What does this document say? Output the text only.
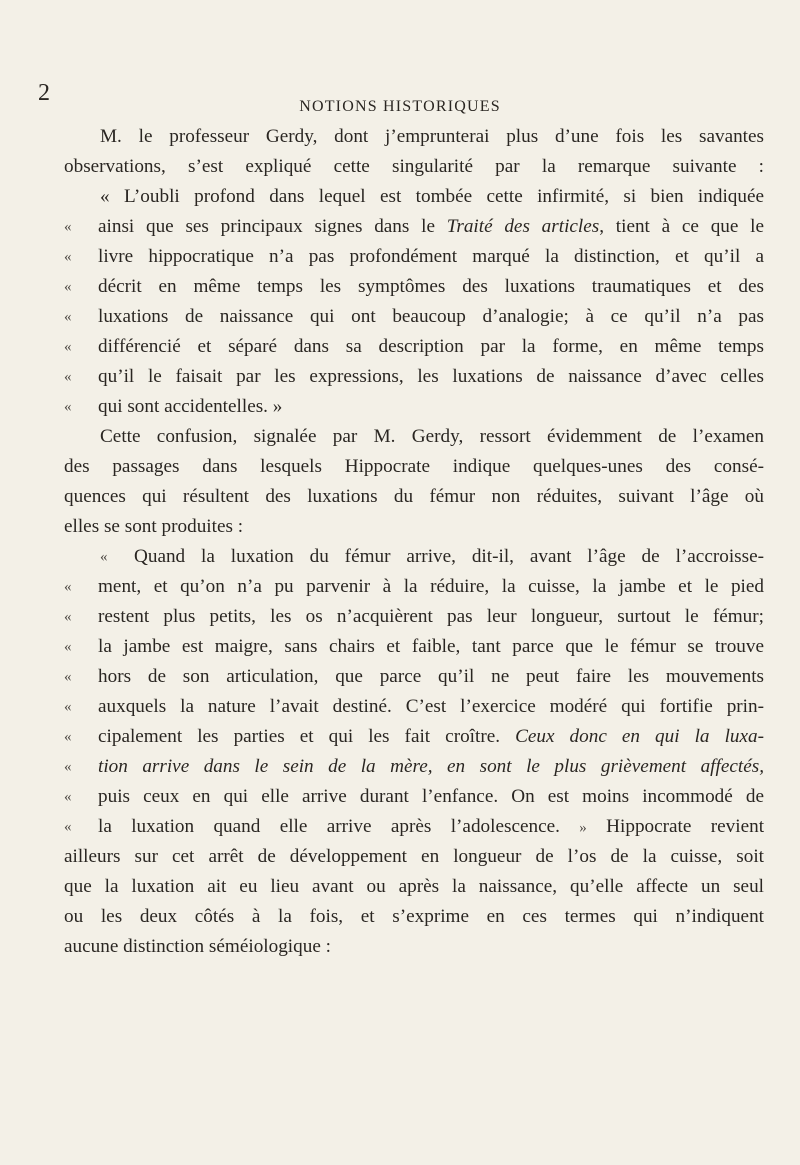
2
NOTIONS HISTORIQUES
M. le professeur Gerdy, dont j’emprunterai plus d’une fois les savantes
observations, s’est expliqué cette singularité par la remarque suivante :
« L’oubli profond dans lequel est tombée cette infirmité, si bien indiquée
«	ainsi que ses principaux signes dans le Traité des articles, tient à ce que le
«	livre hippocratique n’a pas profondément marqué la distinction, et qu’il a
«	décrit en même temps les symptômes des luxations traumatiques et des
«	luxations de naissance qui ont beaucoup d’analogie; à ce qu’il n’a pas
«	différencié et séparé dans sa description par la forme, en même temps
«	qu’il le faisait par les expressions, les luxations de naissance d’avec celles
«	qui sont accidentelles. »
Cette confusion, signalée par M. Gerdy, ressort évidemment de l’examen
des passages dans lesquels Hippocrate indique quelques-unes des consé-
quences qui résultent des luxations du fémur non réduites, suivant l’âge où
elles se sont produites :
«	Quand la luxation du fémur arrive, dit-il, avant l’âge de l’accroisse-
«	ment, et qu’on n’a pu parvenir à la réduire, la cuisse, la jambe et le pied
«	restent plus petits, les os n’acquièrent pas leur longueur, surtout le fémur;
«	la jambe est maigre, sans chairs et faible, tant parce que le fémur se trouve
«	hors de son articulation, que parce qu’il ne peut faire les mouvements
«	auxquels la nature l’avait destiné. C’est l’exercice modéré qui fortifie prin-
«	cipalement les parties et qui les fait croître. Ceux donc en qui la luxa-
«	tion arrive dans le sein de la mère, en sont le plus grièvement affectés,
«	puis ceux en qui elle arrive durant l’enfance. On est moins incommodé de
«	la luxation quand elle arrive après l’adolescence. » Hippocrate revient
ailleurs sur cet arrêt de développement en longueur de l’os de la cuisse, soit
que la luxation ait eu lieu avant ou après la naissance, qu’elle affecte un seul
ou les deux côtés à la fois, et s’exprime en ces termes qui n’indiquent
aucune distinction séméiologique :
